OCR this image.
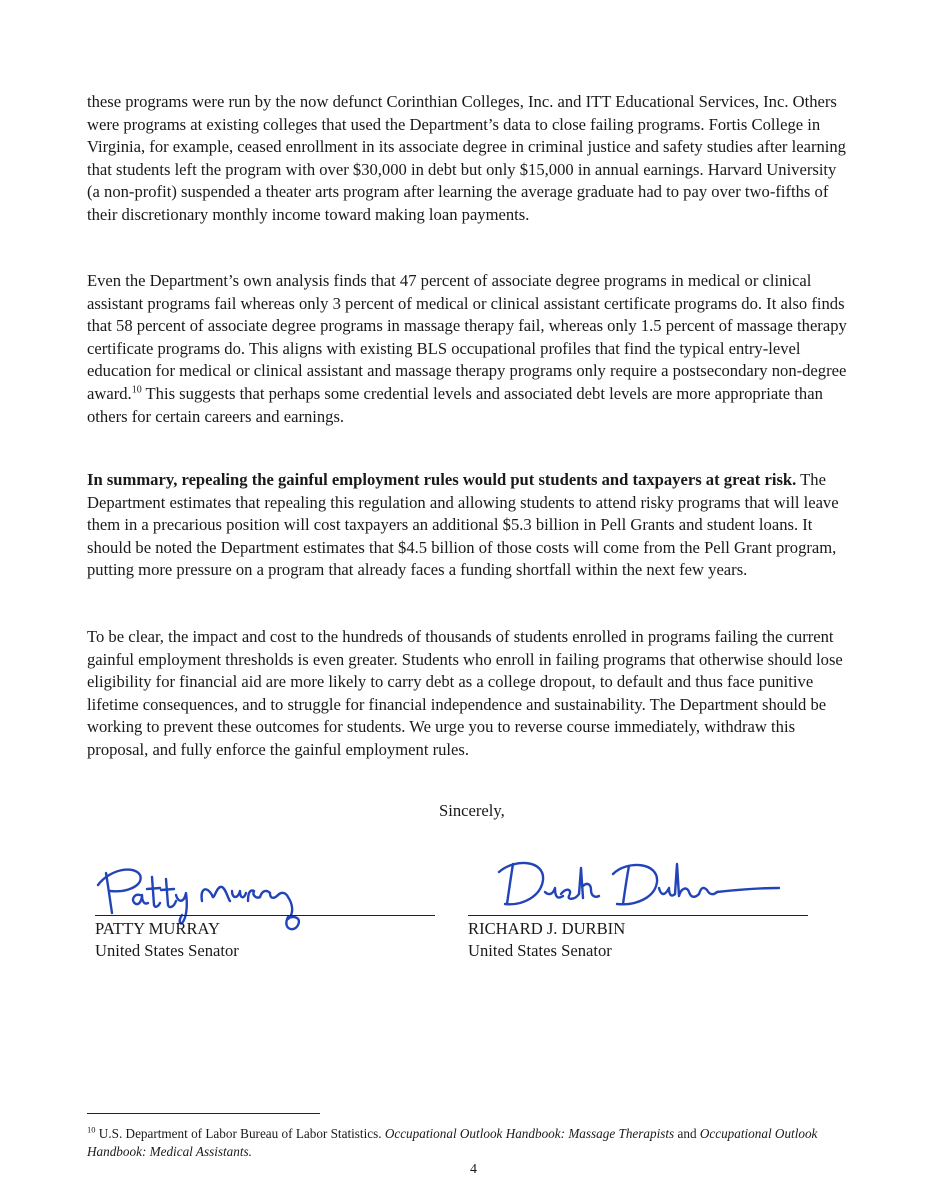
these programs were run by the now defunct Corinthian Colleges, Inc. and ITT Educational Services, Inc. Others were programs at existing colleges that used the Department’s data to close failing programs. Fortis College in Virginia, for example, ceased enrollment in its associate degree in criminal justice and safety studies after learning that students left the program with over $30,000 in debt but only $15,000 in annual earnings. Harvard University (a non-profit) suspended a theater arts program after learning the average graduate had to pay over two-fifths of their discretionary monthly income toward making loan payments.

Even the Department’s own analysis finds that 47 percent of associate degree programs in medical or clinical assistant programs fail whereas only 3 percent of medical or clinical assistant certificate programs do. It also finds that 58 percent of associate degree programs in massage therapy fail, whereas only 1.5 percent of massage therapy certificate programs do. This aligns with existing BLS occupational profiles that find the typical entry-level education for medical or clinical assistant and massage therapy programs only require a postsecondary non-degree award.$^{10}$ This suggests that perhaps some credential levels and associated debt levels are more appropriate than others for certain careers and earnings.

In summary, repealing the gainful employment rules would put students and taxpayers at great risk. The Department estimates that repealing this regulation and allowing students to attend risky programs that will leave them in a precarious position will cost taxpayers an additional $5.3 billion in Pell Grants and student loans. It should be noted the Department estimates that $4.5 billion of those costs will come from the Pell Grant program, putting more pressure on a program that already faces a funding shortfall within the next few years.

To be clear, the impact and cost to the hundreds of thousands of students enrolled in programs failing the current gainful employment thresholds is even greater. Students who enroll in failing programs that otherwise should lose eligibility for financial aid are more likely to carry debt as a college dropout, to default and thus face punitive lifetime consequences, and to struggle for financial independence and sustainability. The Department should be working to prevent these outcomes for students. We urge you to reverse course immediately, withdraw this proposal, and fully enforce the gainful employment rules.

Sincerely,
PATTY MURRAY
United States Senator
RICHARD J. DURBIN
United States Senator
$^{10}$ U.S. Department of Labor Bureau of Labor Statistics. Occupational Outlook Handbook: Massage Therapists and Occupational Outlook Handbook: Medical Assistants.
4
